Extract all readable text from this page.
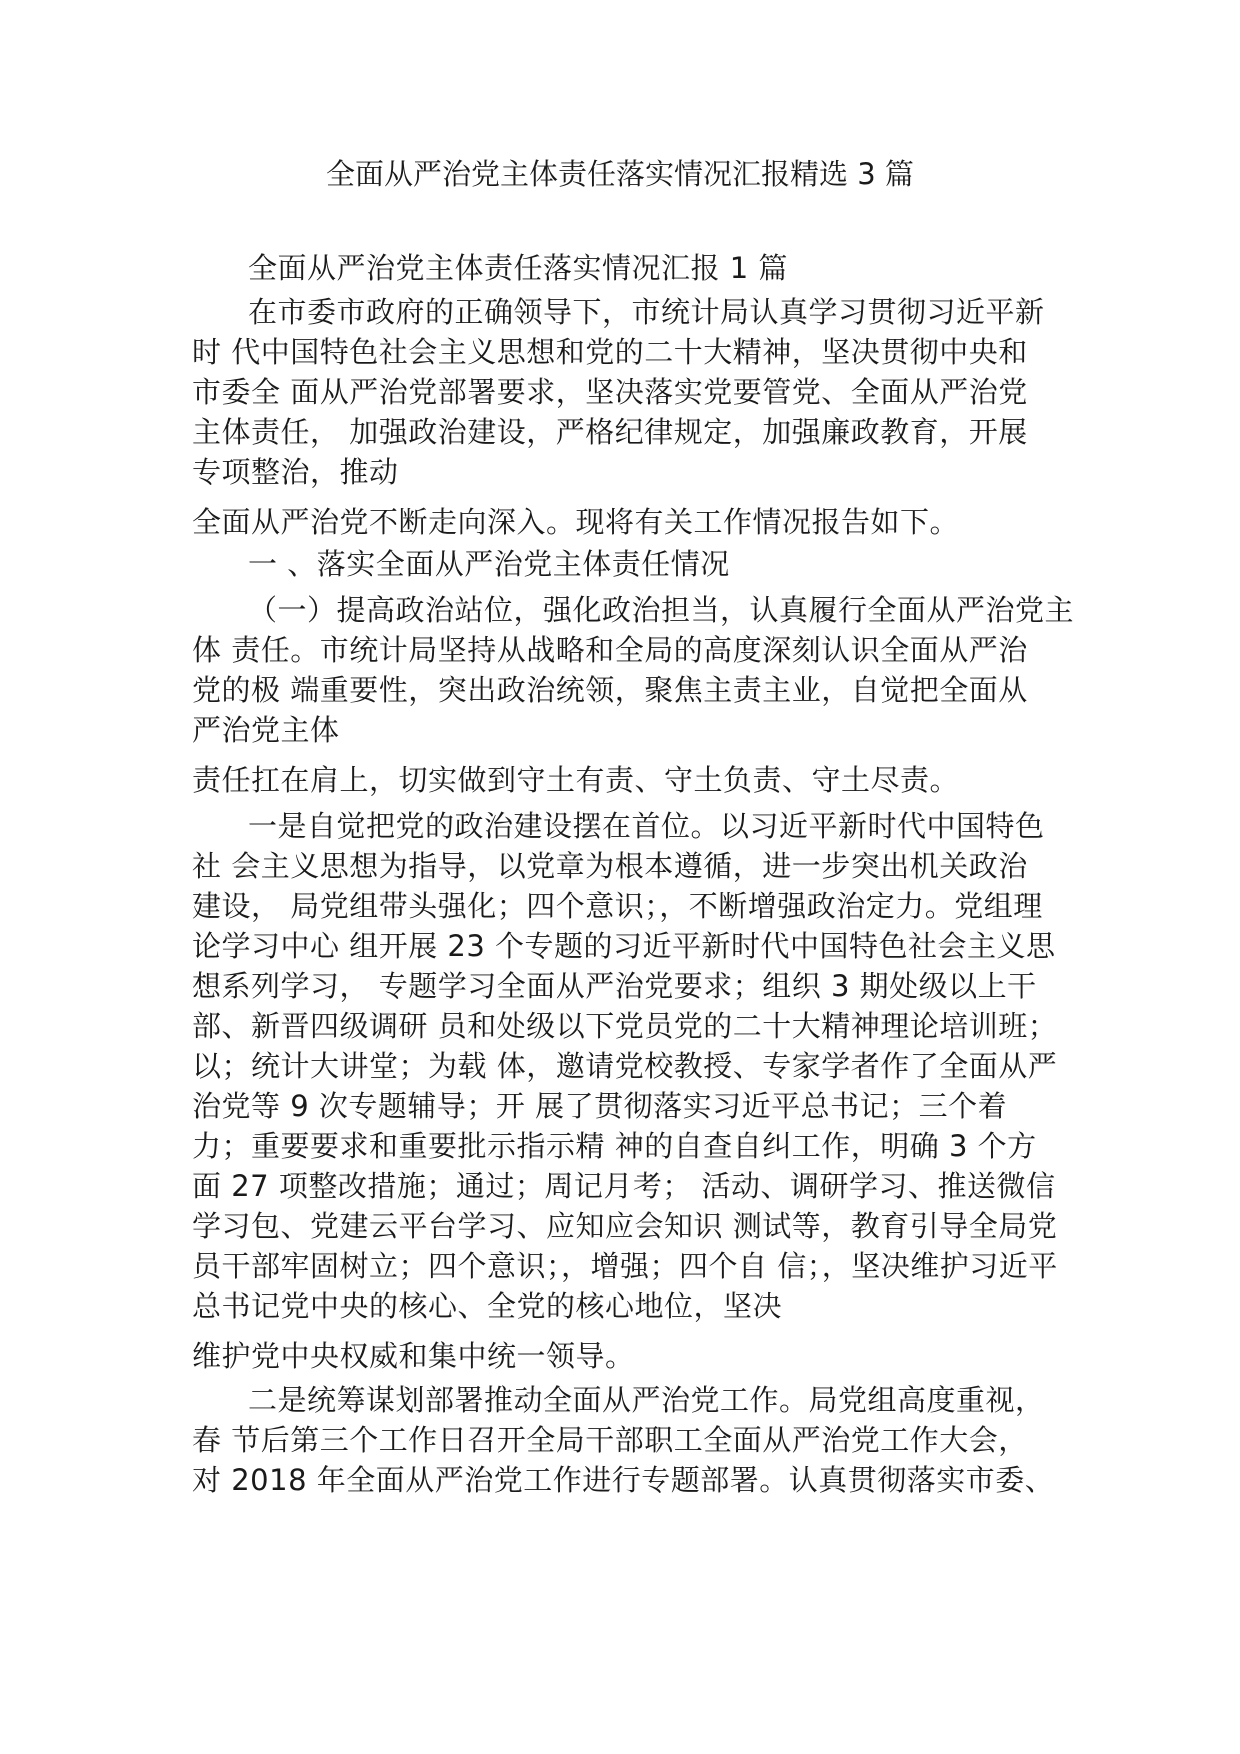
全面从严治党主体责任落实情况汇报精选 3 篇
全面从严治党主体责任落实情况汇报 1 篇
在市委市政府的正确领导下，市统计局认真学习贯彻习近平新
时 代中国特色社会主义思想和党的二十大精神，坚决贯彻中央和
市委全 面从严治党部署要求，坚决落实党要管党、全面从严治党
主体责任， 加强政治建设，严格纪律规定，加强廉政教育，开展
专项整治，推动
全面从严治党不断走向深入。现将有关工作情况报告如下。
一 、落实全面从严治党主体责任情况
（一）提高政治站位，强化政治担当，认真履行全面从严治党主
体 责任。市统计局坚持从战略和全局的高度深刻认识全面从严治
党的极 端重要性，突出政治统领，聚焦主责主业，自觉把全面从
严治党主体
责任扛在肩上，切实做到守土有责、守土负责、守土尽责。
一是自觉把党的政治建设摆在首位。以习近平新时代中国特色
社 会主义思想为指导，以党章为根本遵循，进一步突出机关政治
建设， 局党组带头强化；四个意识；，不断增强政治定力。党组理
论学习中心 组开展 23 个专题的习近平新时代中国特色社会主义思
想系列学习， 专题学习全面从严治党要求；组织 3 期处级以上干
部、新晋四级调研 员和处级以下党员党的二十大精神理论培训班；
以；统计大讲堂；为载 体，邀请党校教授、专家学者作了全面从严
治党等 9 次专题辅导；开 展了贯彻落实习近平总书记；三个着
力；重要要求和重要批示指示精 神的自查自纠工作，明确 3 个方
面 27 项整改措施；通过；周记月考； 活动、调研学习、推送微信
学习包、党建云平台学习、应知应会知识 测试等，教育引导全局党
员干部牢固树立；四个意识；，增强；四个自 信；，坚决维护习近平
总书记党中央的核心、全党的核心地位，坚决
维护党中央权威和集中统一领导。
二是统筹谋划部署推动全面从严治党工作。局党组高度重视，
春 节后第三个工作日召开全局干部职工全面从严治党工作大会，
对 2018 年全面从严治党工作进行专题部署。认真贯彻落实市委、
